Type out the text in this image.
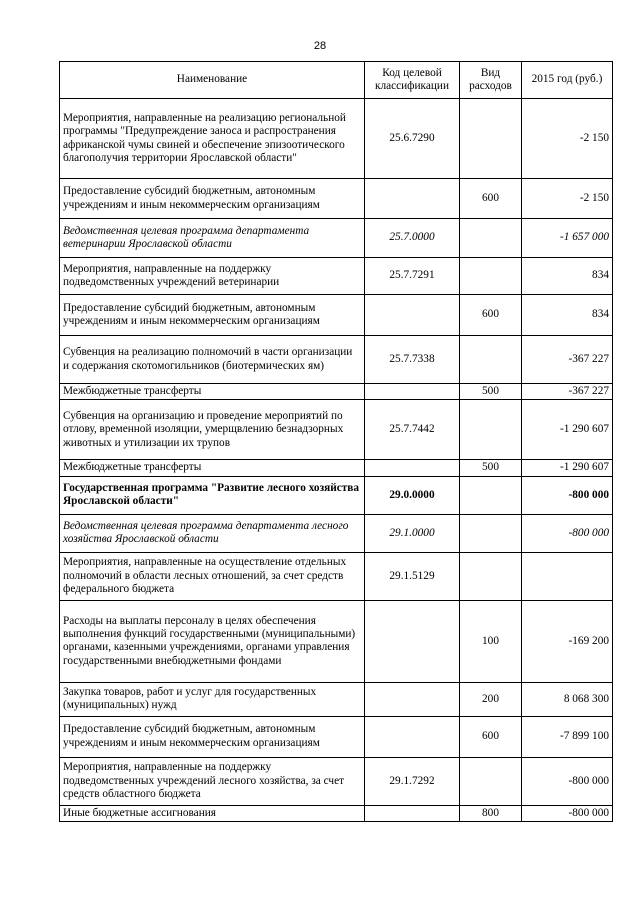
28
Наименование	Код целевой классификации	Вид расходов	2015 год (руб.)
Мероприятия, направленные на реализацию региональной программы "Предупреждение заноса и распространения африканской чумы свиней и обеспечение эпизоотического благополучия территории Ярославской области"	25.6.7290		-2 150
Предоставление субсидий бюджетным, автономным учреждениям и иным некоммерческим организациям		600	-2 150
Ведомственная целевая программа департамента ветеринарии Ярославской области	25.7.0000		-1 657 000
Мероприятия, направленные на поддержку подведомственных учреждений ветеринарии	25.7.7291		834
Предоставление субсидий бюджетным, автономным учреждениям и иным некоммерческим организациям		600	834
Субвенция на реализацию полномочий в части организации и содержания скотомогильников (биотермических ям)	25.7.7338		-367 227
Межбюджетные трансферты		500	-367 227
Субвенция на организацию и проведение мероприятий по отлову, временной изоляции, умерщвлению безнадзорных животных и утилизации их трупов	25.7.7442		-1 290 607
Межбюджетные трансферты		500	-1 290 607
Государственная программа "Развитие лесного хозяйства Ярославской области"	29.0.0000		-800 000
Ведомственная целевая программа департамента лесного хозяйства Ярославской области	29.1.0000		-800 000
Мероприятия, направленные на осуществление отдельных полномочий в области лесных отношений, за счет средств федерального бюджета	29.1.5129		
Расходы на выплаты персоналу в целях обеспечения выполнения функций государственными (муниципальными) органами, казенными учреждениями, органами управления государственными внебюджетными фондами		100	-169 200
Закупка товаров, работ и услуг для государственных (муниципальных) нужд		200	8 068 300
Предоставление субсидий бюджетным, автономным учреждениям и иным некоммерческим организациям		600	-7 899 100
Мероприятия, направленные на поддержку подведомственных учреждений лесного хозяйства, за счет средств областного бюджета	29.1.7292		-800 000
Иные бюджетные ассигнования		800	-800 000
